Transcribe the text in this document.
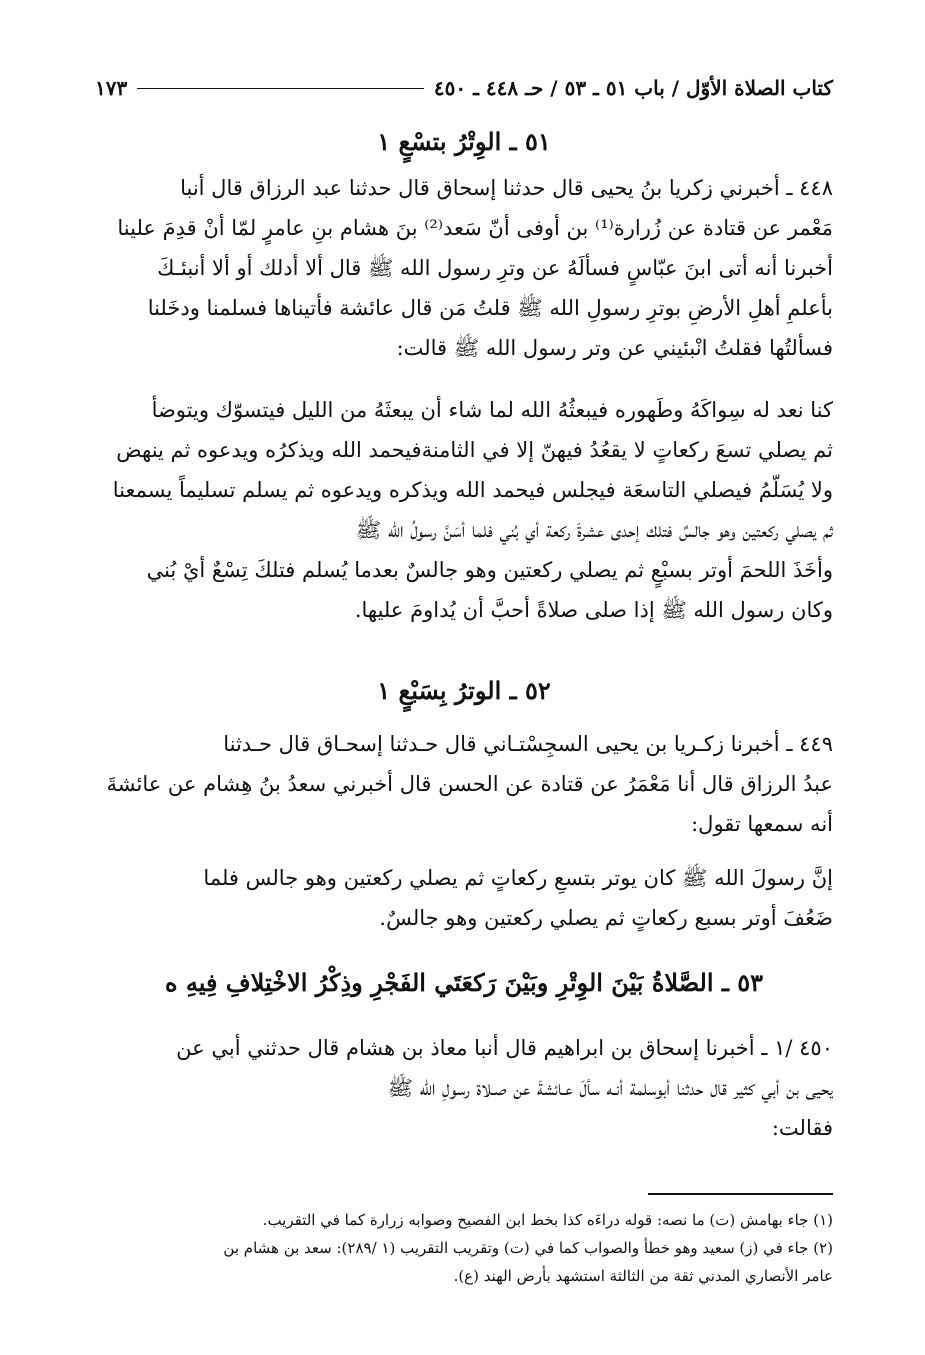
كتاب الصلاة الأوّل / باب ٥١ ـ ٥٣ / حـ ٤٤٨ ـ ٤٥٠
١٧٣
٥١ ـ الوِتْرُ بتسْعٍ ١
٤٤٨ ـ أخبرني زكريا بنُ يحيى قال حدثنا إسحاق قال حدثنا عبد الرزاق قال أنبا
مَعْمر عن قتادة عن زُرارة⁽¹⁾ بن أوفى أنّ سَعد⁽²⁾ بنَ هشام بنِ عامرٍ لمّا أنْ قدِمَ علينا
أخبرنا أنه أتى ابنَ عبّاسٍ فسألَهُ عن وترِ رسول الله ﷺ قال ألا أدلك أو ألا أنبئـكَ
بأعلمِ أهلِ الأرضِ بوترِ رسولِ الله ﷺ قلتُ مَن قال عائشة فأتيناها فسلمنا ودخَلنا
فسألتُها فقلتُ انْبئيني عن وتر رسول الله ﷺ قالت:
كنا نعد له سِواكَهُ وطَهوره فيبعثُهُ الله لما شاء أن يبعثَهُ من الليل فيتسوّك ويتوضأ
ثم يصلي تسعَ ركعاتٍ لا يقعُدُ فيهنّ إلا في الثامنةفيحمد الله ويذكرُه ويدعوه ثم ينهض
ولا يُسَلّمُ فيصلي التاسعَة فيجلس فيحمد الله ويذكره ويدعوه ثم يسلم تسليماً يسمعنا
ثم يصلي ركعتين وهو جالسٌ فتلك إحدى عشرةَ ركعة أي بُني فلما أسَنَّ رسولُ الله ﷺ
وأخَذَ اللحمَ أوتر بسبْعٍ ثم يصلي ركعتين وهو جالسٌ بعدما يُسلم فتلكَ تِسْعٌ أيْ بُني
وكان رسول الله ﷺ إذا صلى صلاةً أحبَّ أن يُداومَ عليها.
٥٢ ـ الوترُ بِسَبْعٍ ١
٤٤٩ ـ أخبرنا زكـريا بن يحيى السجِسْتـاني قال حـدثنا إسحـاق قال حـدثنا
عبدُ الرزاق قال أنا مَعْمَرُ عن قتادة عن الحسن قال أخبرني سعدُ بنُ هِشام عن عائشةَ
أنه سمعها تقول:
إنَّ رسولَ الله ﷺ كان يوتر بتسعِ ركعاتٍ ثم يصلي ركعتين وهو جالس فلما
ضَعُفَ أوتر بسبع ركعاتٍ ثم يصلي ركعتين وهو جالسٌ.
٥٣ ـ الصَّلاةُ بَيْنَ الوِتْرِ وبَيْنَ رَكعَتَي الفَجْرِ وذِكْرُ الاخْتِلافِ فِيهِ ه
٤٥٠ /١ ـ أخبرنا إسحاق بن ابراهيم قال أنبا معاذ بن هشام قال حدثني أبي عن
يحيى بن أبي كثير قال حدثنا أبوسلمة أنـه سألَ عـائشةَ عن صـلاة رسولِ الله ﷺ
فقالت:
(١) جاء بهامش (ت) ما نصه: قوله دراءَه كذا بخط ابن الفصيح وصوابه زرارة كما في التقريب.
(٢) جاء في (ز) سعيد وهو خطأ والصواب كما في (ت) وتقريب التقريب (١ /٢٨٩): سعد بن هشام بن
عامر الأنصاري المدني ثقة من الثالثة استشهد بأرض الهند (ع).
